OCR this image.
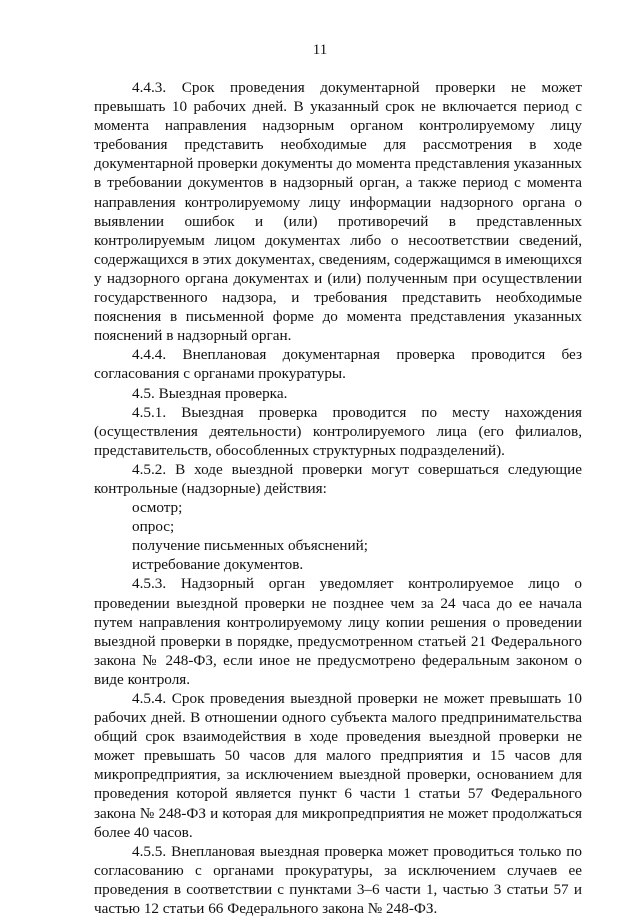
11

4.4.3. Срок проведения документарной проверки не может превышать 10 рабочих дней. В указанный срок не включается период с момента направления надзорным органом контролируемому лицу требования представить необходимые для рассмотрения в ходе документарной проверки документы до момента представления указанных в требовании документов в надзорный орган, а также период с момента направления контролируемому лицу информации надзорного органа о выявлении ошибок и (или) противоречий в представленных контролируемым лицом документах либо о несоответствии сведений, содержащихся в этих документах, сведениям, содержащимся в имеющихся у надзорного органа документах и (или) полученным при осуществлении государственного надзора, и требования представить необходимые пояснения в письменной форме до момента представления указанных пояснений в надзорный орган.

4.4.4. Внеплановая документарная проверка проводится без согласования с органами прокуратуры.

4.5. Выездная проверка.

4.5.1. Выездная проверка проводится по месту нахождения (осуществления деятельности) контролируемого лица (его филиалов, представительств, обособленных структурных подразделений).

4.5.2. В ходе выездной проверки могут совершаться следующие контрольные (надзорные) действия:

осмотр;

опрос;

получение письменных объяснений;

истребование документов.

4.5.3. Надзорный орган уведомляет контролируемое лицо о проведении выездной проверки не позднее чем за 24 часа до ее начала путем направления контролируемому лицу копии решения о проведении выездной проверки в порядке, предусмотренном статьей 21 Федерального закона № 248-ФЗ, если иное не предусмотрено федеральным законом о виде контроля.

4.5.4. Срок проведения выездной проверки не может превышать 10 рабочих дней. В отношении одного субъекта малого предпринимательства общий срок взаимодействия в ходе проведения выездной проверки не может превышать 50 часов для малого предприятия и 15 часов для микропредприятия, за исключением выездной проверки, основанием для проведения которой является пункт 6 части 1 статьи 57 Федерального закона № 248-ФЗ и которая для микропредприятия не может продолжаться более 40 часов.

4.5.5. Внеплановая выездная проверка может проводиться только по согласованию с органами прокуратуры, за исключением случаев ее проведения в соответствии с пунктами 3–6 части 1, частью 3 статьи 57 и частью 12 статьи 66 Федерального закона № 248-ФЗ.
